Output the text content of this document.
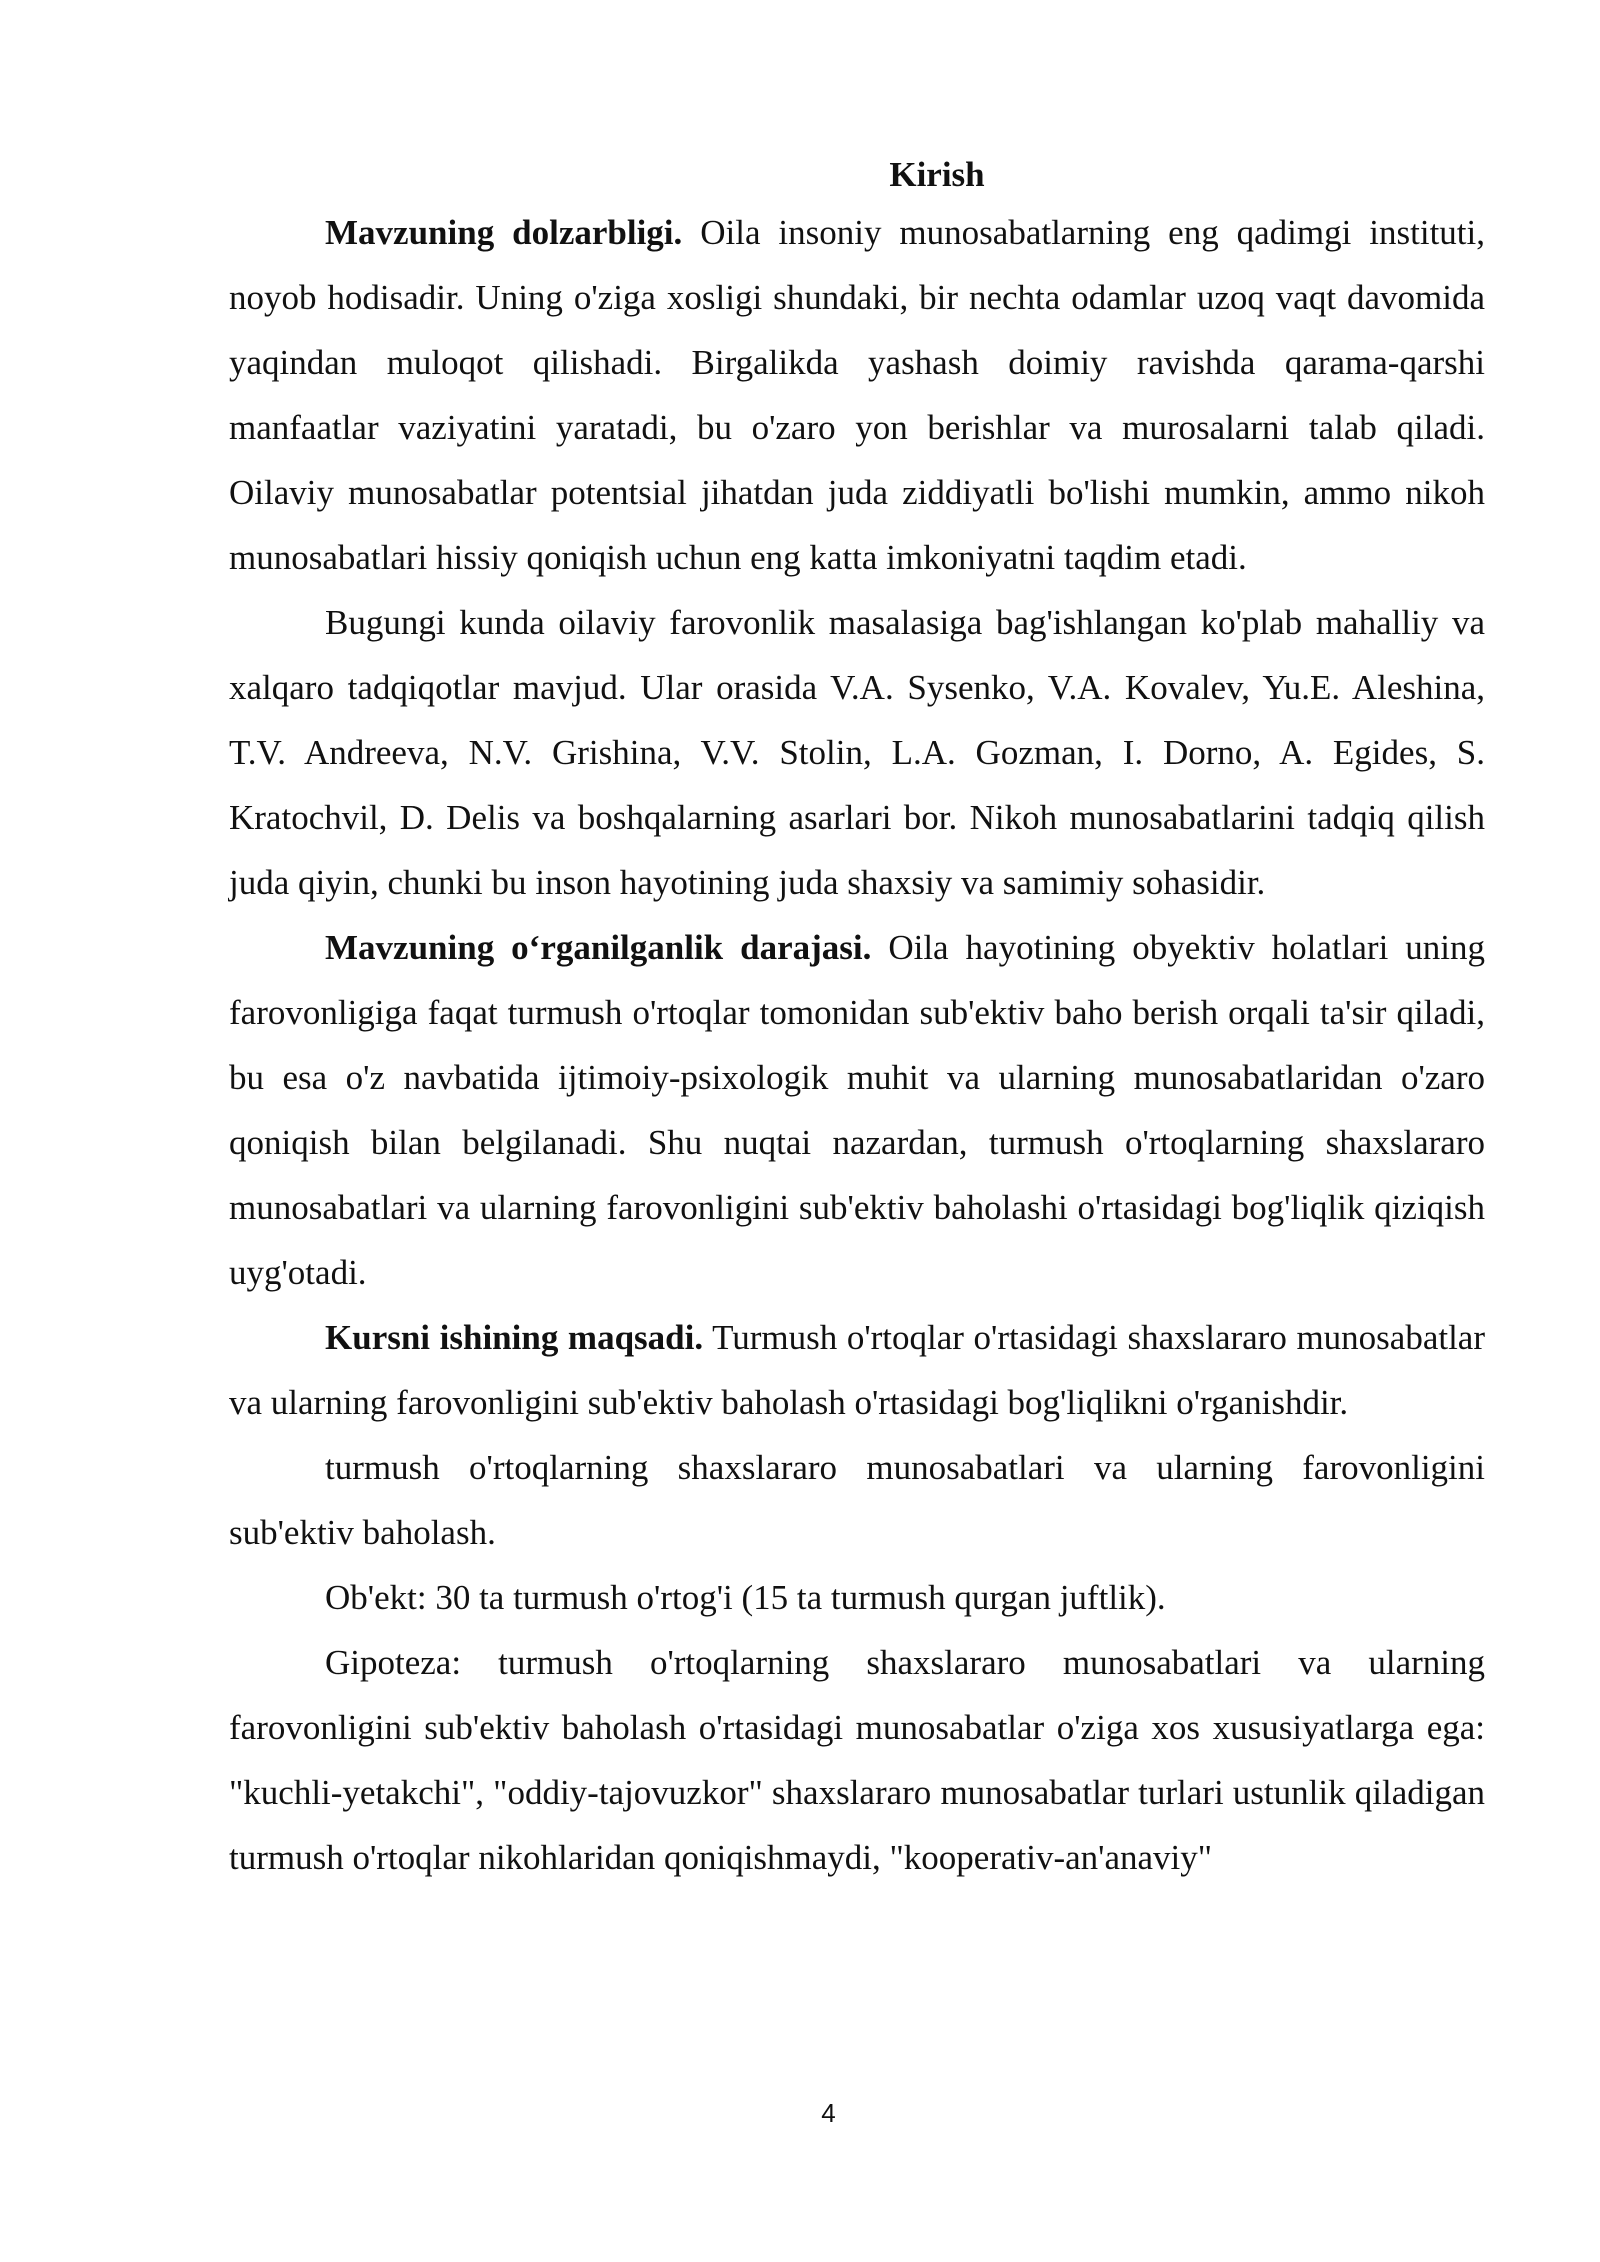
Kirish

Mavzuning dolzarbligi. Oila insoniy munosabatlarning eng qadimgi instituti, noyob hodisadir. Uning o'ziga xosligi shundaki, bir nechta odamlar uzoq vaqt davomida yaqindan muloqot qilishadi. Birgalikda yashash doimiy ravishda qarama-qarshi manfaatlar vaziyatini yaratadi, bu o'zaro yon berishlar va murosalarni talab qiladi. Oilaviy munosabatlar potentsial jihatdan juda ziddiyatli bo'lishi mumkin, ammo nikoh munosabatlari hissiy qoniqish uchun eng katta imkoniyatni taqdim etadi.

Bugungi kunda oilaviy farovonlik masalasiga bag'ishlangan ko'plab mahalliy va xalqaro tadqiqotlar mavjud. Ular orasida V.A. Sysenko, V.A. Kovalev, Yu.E. Aleshina, T.V. Andreeva, N.V. Grishina, V.V. Stolin, L.A. Gozman, I. Dorno, A. Egides, S. Kratochvil, D. Delis va boshqalarning asarlari bor. Nikoh munosabatlarini tadqiq qilish juda qiyin, chunki bu inson hayotining juda shaxsiy va samimiy sohasidir.

Mavzuning oʻrganilganlik darajasi. Oila hayotining obyektiv holatlari uning farovonligiga faqat turmush o'rtoqlar tomonidan sub'ektiv baho berish orqali ta'sir qiladi, bu esa o'z navbatida ijtimoiy-psixologik muhit va ularning munosabatlaridan o'zaro qoniqish bilan belgilanadi. Shu nuqtai nazardan, turmush o'rtoqlarning shaxslararo munosabatlari va ularning farovonligini sub'ektiv baholashi o'rtasidagi bog'liqlik qiziqish uyg'otadi.

Kursni ishining maqsadi. Turmush o'rtoqlar o'rtasidagi shaxslararo munosabatlar va ularning farovonligini sub'ektiv baholash o'rtasidagi bog'liqlikni o'rganishdir.

turmush o'rtoqlarning shaxslararo munosabatlari va ularning farovonligini sub'ektiv baholash.

Ob'ekt: 30 ta turmush o'rtog'i (15 ta turmush qurgan juftlik).

Gipoteza: turmush o'rtoqlarning shaxslararo munosabatlari va ularning farovonligini sub'ektiv baholash o'rtasidagi munosabatlar o'ziga xos xususiyatlarga ega: "kuchli-yetakchi", "oddiy-tajovuzkor" shaxslararo munosabatlar turlari ustunlik qiladigan turmush o'rtoqlar nikohlaridan qoniqishmaydi, "kooperativ-an'anaviy"

4
